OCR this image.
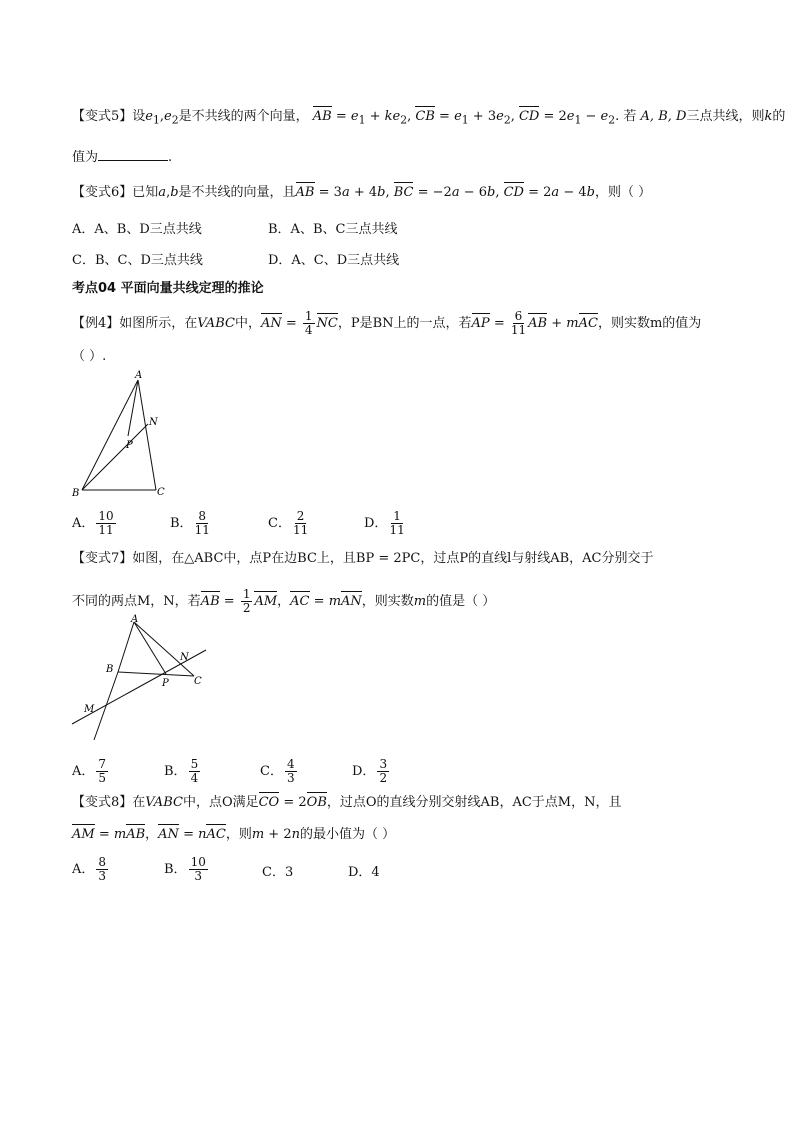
【变式5】设$e_1,e_2$是不共线的两个向量， AB = $e_1 + ke_2$, CB = $e_1 + 3e_2$, CD = $2e_1 - e_2$. 若 A, B, D三点共线，则k的
值为	.
【变式6】已知a,b是不共线的向量，且AB = 3a + 4b, BC = −2a − 6b, CD = 2a − 4b，则（ ）
A．A、B、D三点共线	B．A、B、C三点共线
C．B、C、D三点共线	D．A、C、D三点共线
考点04 平面向量共线定理的推论
【例4】如图所示，在VABC中，AN = $\frac{1}{4}$ NC，P是BN上的一点，若AP = $\frac{6}{11}$ AB + mAC，则实数m的值为
（ ）.
A
N
P
B	C
A． $\frac{10}{11}$	B． $\frac{8}{11}$	C． $\frac{2}{11}$	D． $\frac{1}{11}$
【变式7】如图，在△ABC中，点P在边BC上，且BP = 2PC，过点P的直线l与射线AB，AC分别交于
不同的两点M，N，若AB = $\frac{1}{2}$ AM，AC = mAN，则实数m的值是（ ）
A
B
N
P	C
M
A． $\frac{7}{5}$	B． $\frac{5}{4}$	C． $\frac{4}{3}$	D． $\frac{3}{2}$
【变式8】在VABC中，点O满足CO = 2OB，过点O的直线分别交射线AB，AC于点M，N，且
AM = mAB，AN = nAC，则m + 2n的最小值为（ ）
A． $\frac{8}{3}$	B． $\frac{10}{3}$	C．3	D．4
